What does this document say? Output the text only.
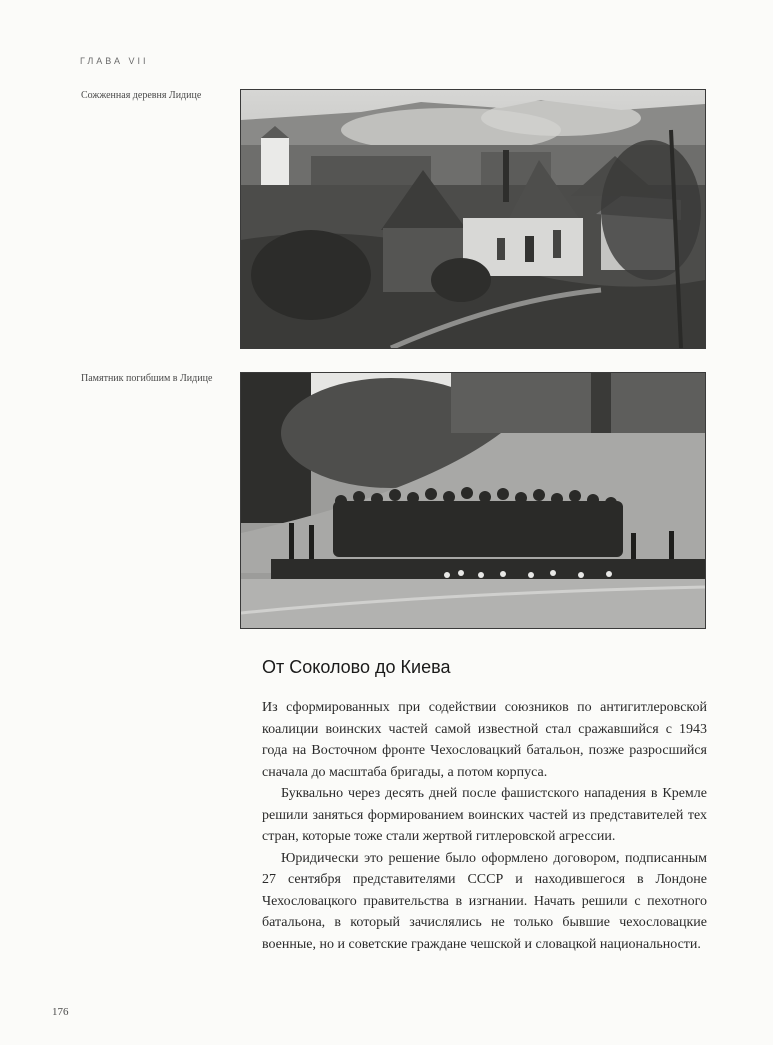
ГЛАВА VII
Сожженная деревня Лидице
Памятник погибшим в Лидице
От Соколово до Киева

Из сформированных при содействии союзников по антигитлеровской коалиции воинских частей самой известной стал сражавшийся с 1943 года на Восточном фронте Чехословацкий батальон, позже разросшийся сначала до масштаба бригады, а потом корпуса.

Буквально через десять дней после фашистского нападения в Кремле решили заняться формированием воинских частей из представителей тех стран, которые тоже стали жертвой гитлеровской агрессии.

Юридически это решение было оформлено договором, подписанным 27 сентября представителями СССР и находившегося в Лондоне Чехословацкого правительства в изгнании. Начать решили с пехотного батальона, в который зачислялись не только бывшие чехословацкие военные, но и советские граждане чешской и словацкой национальности.

176
